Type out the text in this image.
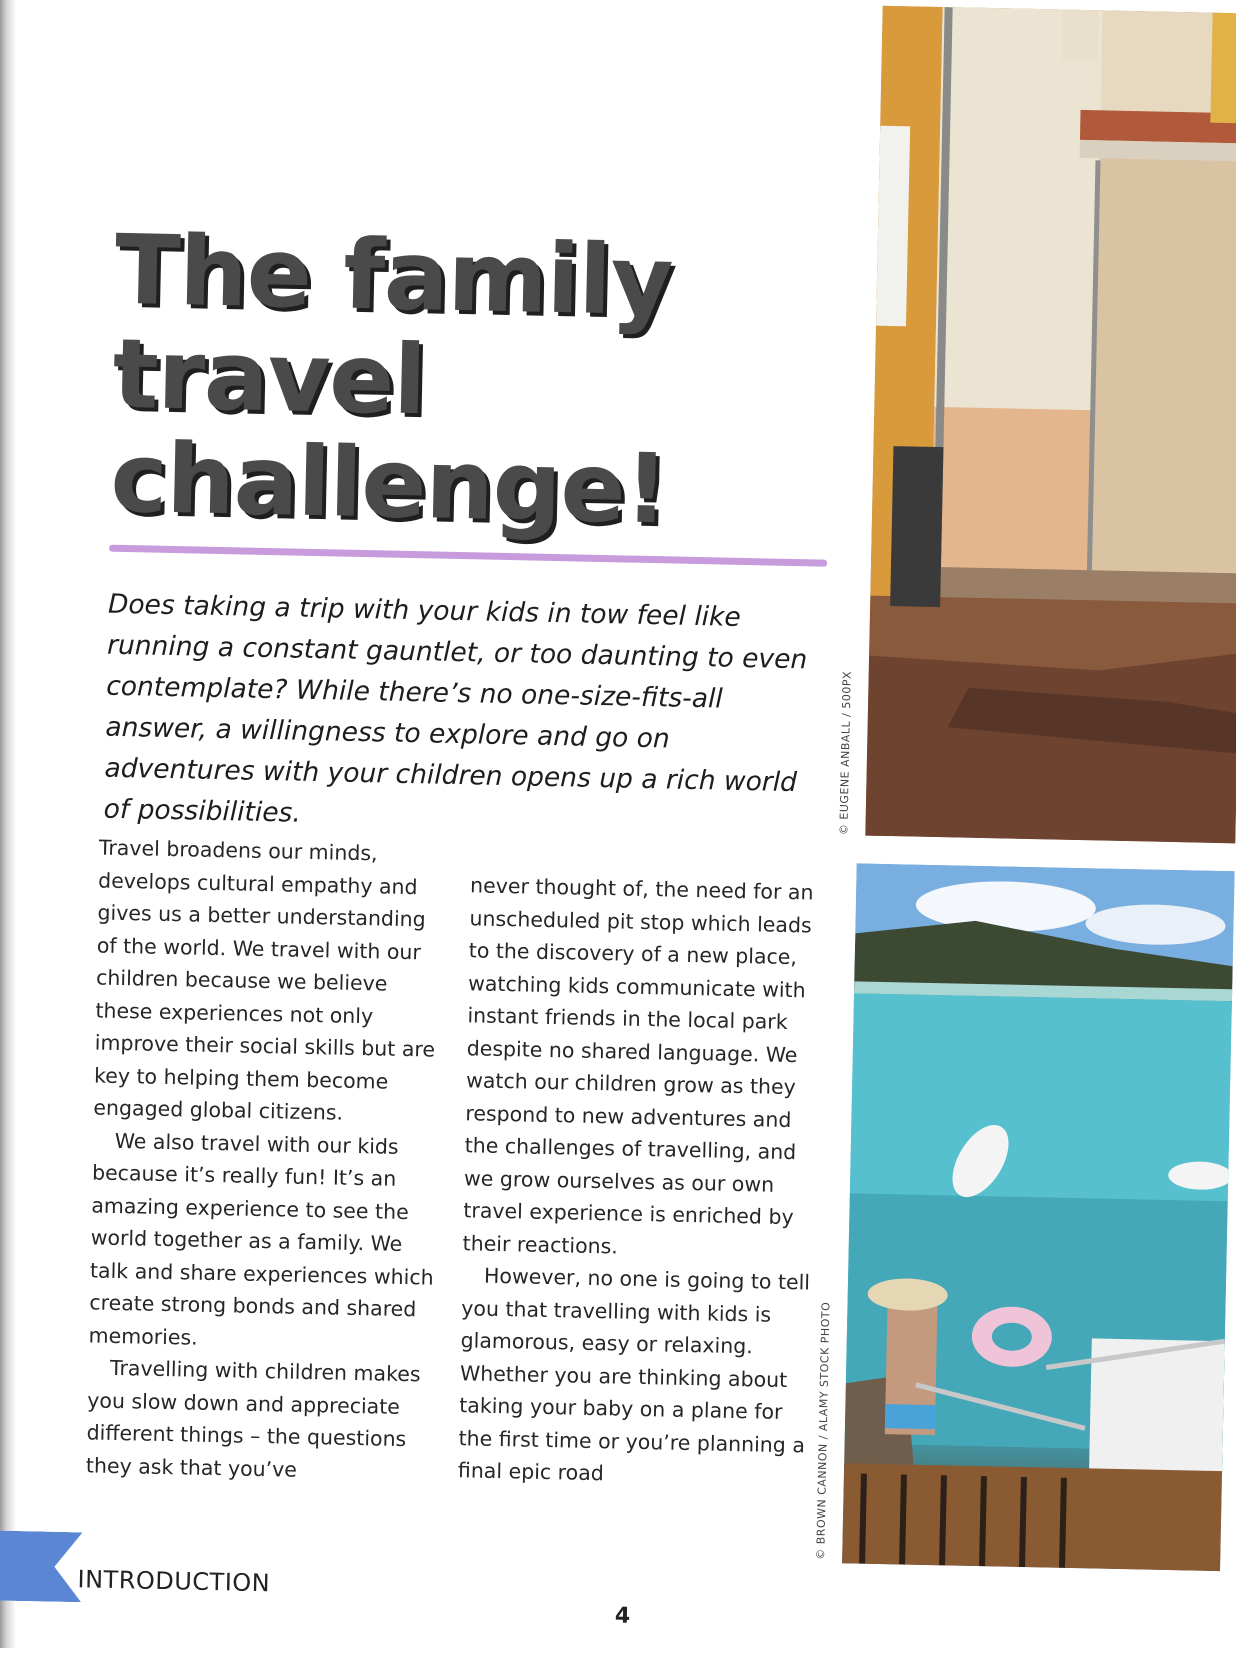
The family travel challenge!

Does taking a trip with your kids in tow feel like running a constant gauntlet, or too daunting to even contemplate? While there’s no one-size-fits-all answer, a willingness to explore and go on adventures with your children opens up a rich world of possibilities.

Travel broadens our minds, develops cultural empathy and gives us a better understanding of the world. We travel with our children because we believe these experiences not only improve their social skills but are key to helping them become engaged global citizens.

We also travel with our kids because it’s really fun! It’s an amazing experience to see the world together as a family. We talk and share experiences which create strong bonds and shared memories.

Travelling with children makes you slow down and appreciate different things – the questions they ask that you’ve

never thought of, the need for an unscheduled pit stop which leads to the discovery of a new place, watching kids communicate with instant friends in the local park despite no shared language. We watch our children grow as they respond to new adventures and the challenges of travelling, and we grow ourselves as our own travel experience is enriched by their reactions.

However, no one is going to tell you that travelling with kids is glamorous, easy or relaxing. Whether you are thinking about taking your baby on a plane for the first time or you’re planning a final epic road

© EUGENE ANBALL / 500PX
© BROWN CANNON / ALAMY STOCK PHOTO
INTRODUCTION
4
